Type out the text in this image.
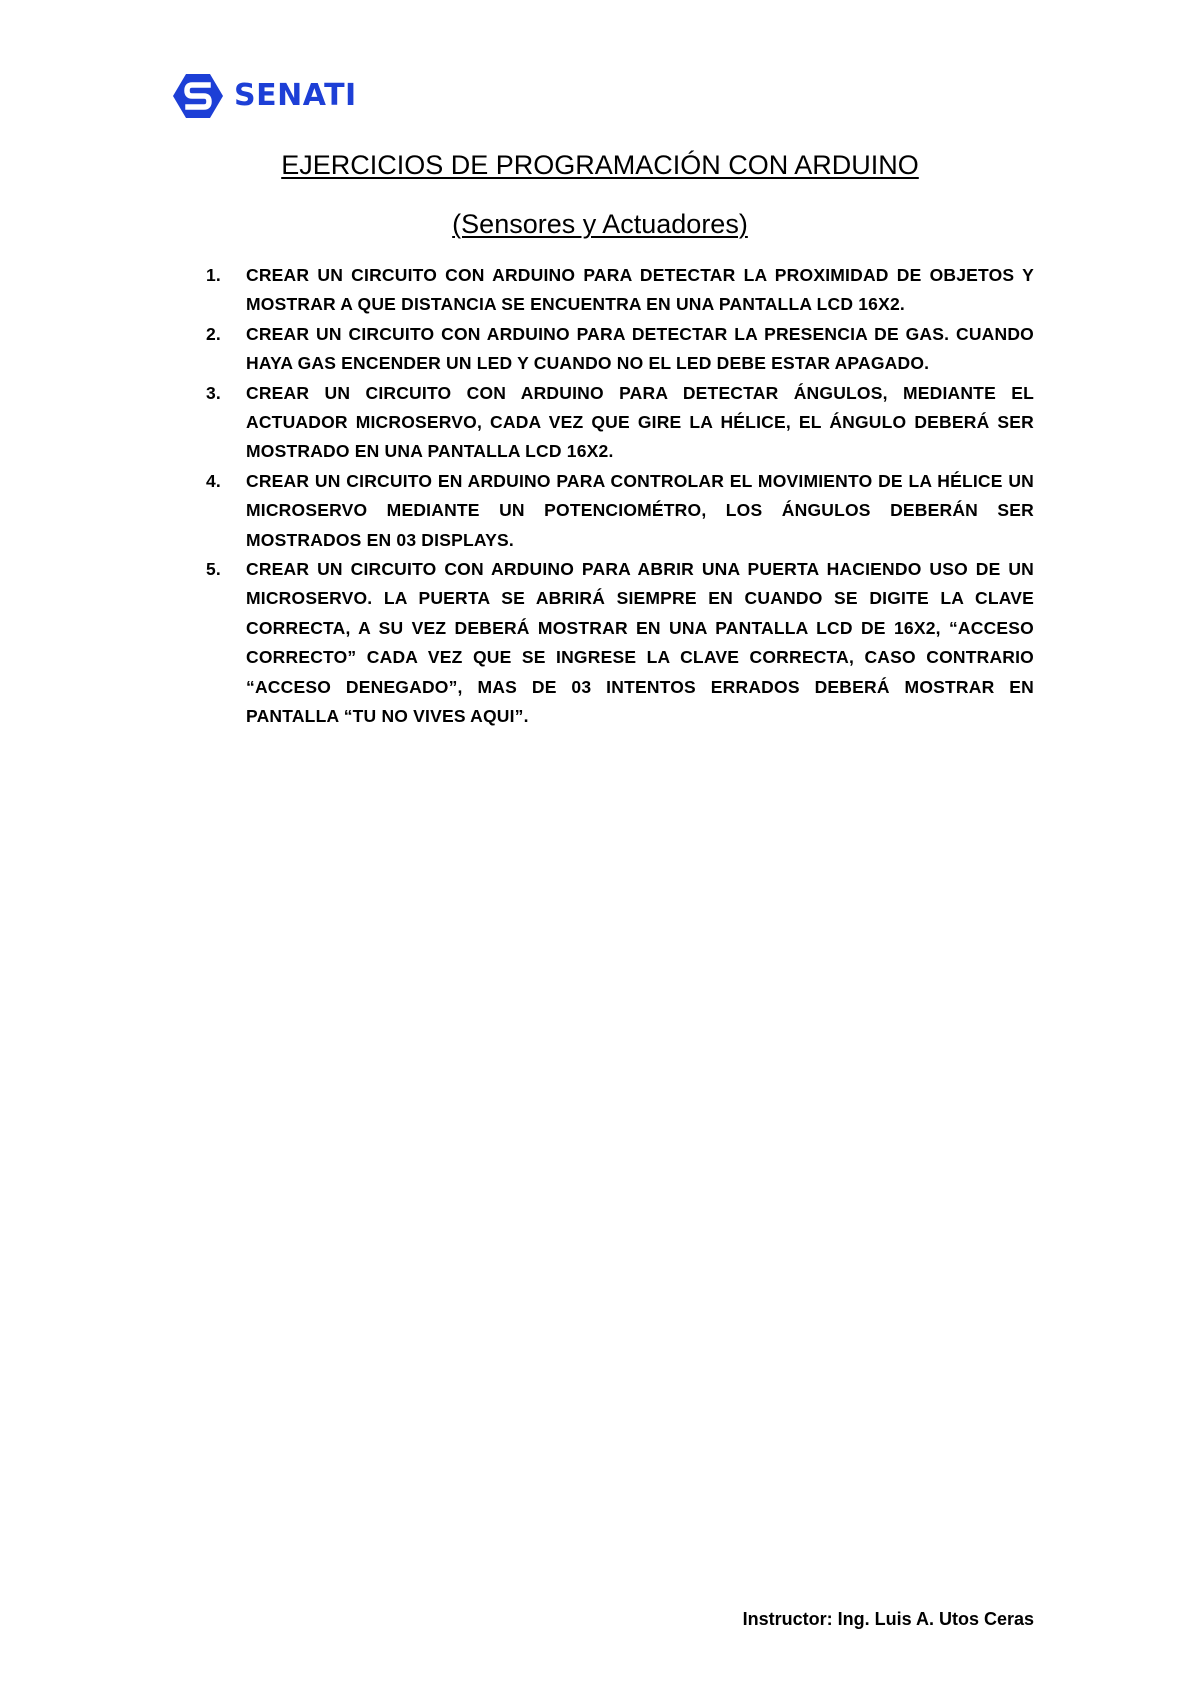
SENATI
EJERCICIOS DE PROGRAMACIÓN CON ARDUINO
(Sensores y Actuadores)
1.	CREAR UN CIRCUITO CON ARDUINO PARA DETECTAR LA PROXIMIDAD DE OBJETOS Y MOSTRAR A QUE DISTANCIA SE ENCUENTRA EN UNA PANTALLA LCD 16X2.
2.	CREAR UN CIRCUITO CON ARDUINO PARA DETECTAR LA PRESENCIA DE GAS. CUANDO HAYA GAS ENCENDER UN LED Y CUANDO NO EL LED DEBE ESTAR APAGADO.
3.	CREAR UN CIRCUITO CON ARDUINO PARA DETECTAR ÁNGULOS, MEDIANTE EL ACTUADOR MICROSERVO, CADA VEZ QUE GIRE LA HÉLICE, EL ÁNGULO DEBERÁ SER MOSTRADO EN UNA PANTALLA LCD 16X2.
4.	CREAR UN CIRCUITO EN ARDUINO PARA CONTROLAR EL MOVIMIENTO DE LA HÉLICE UN MICROSERVO MEDIANTE UN POTENCIOMÉTRO, LOS ÁNGULOS DEBERÁN SER MOSTRADOS EN 03 DISPLAYS.
5.	CREAR UN CIRCUITO CON ARDUINO PARA ABRIR UNA PUERTA HACIENDO USO DE UN MICROSERVO. LA PUERTA SE ABRIRÁ SIEMPRE EN CUANDO SE DIGITE LA CLAVE CORRECTA, A SU VEZ DEBERÁ MOSTRAR EN UNA PANTALLA LCD DE 16X2, “ACCESO CORRECTO” CADA VEZ QUE SE INGRESE LA CLAVE CORRECTA, CASO CONTRARIO “ACCESO DENEGADO”, MAS DE 03 INTENTOS ERRADOS DEBERÁ MOSTRAR EN PANTALLA “TU NO VIVES AQUI”.
Instructor: Ing. Luis A. Utos Ceras
